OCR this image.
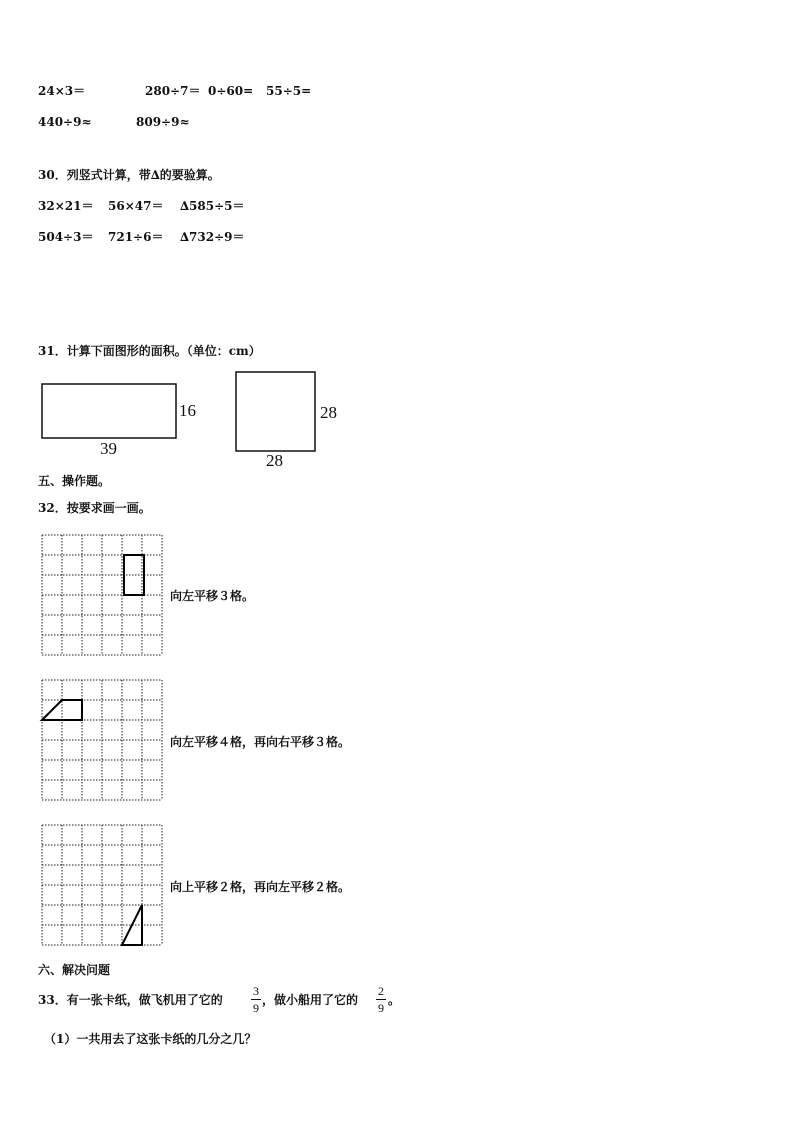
24×3＝	280÷7＝ 0÷60= 55÷5=
440÷9≈	809÷9≈
30．列竖式计算，带∆的要验算。
32×21＝ 56×47＝ ∆585÷5＝
504÷3＝ 721÷6＝ ∆732÷9＝
31．计算下面图形的面积。（单位：cm）
16
39
28
28
五、操作题。
32．按要求画一画。
向左平移３格。
向左平移４格，再向右平移３格。
向上平移２格，再向左平移２格。
六、解决问题
33．有一张卡纸，做飞机用了它的
3
9
，做小船用了它的
2
9
。
（1）一共用去了这张卡纸的几分之几？
